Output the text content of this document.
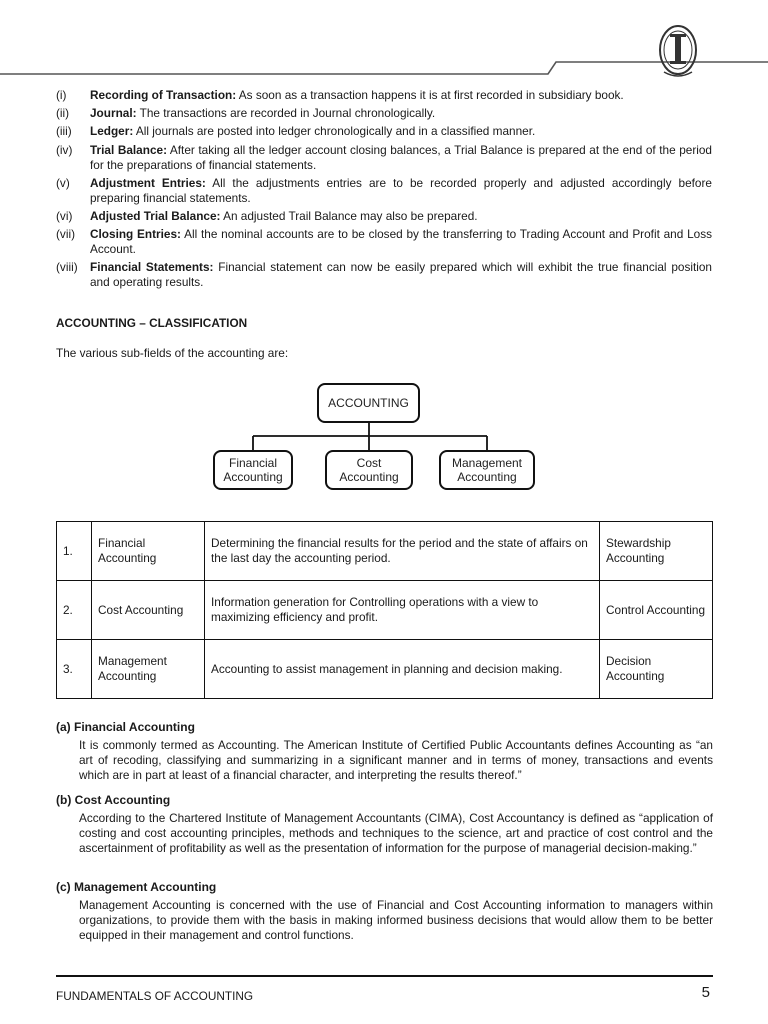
(i)	Recording of Transaction: As soon as a transaction happens it is at first recorded in subsidiary book.
(ii)	Journal: The transactions are recorded in Journal chronologically.
(iii)	Ledger: All journals are posted into ledger chronologically and in a classified manner.
(iv)	Trial Balance: After taking all the ledger account closing balances, a Trial Balance is prepared at the end of the period for the preparations of financial statements.
(v)	Adjustment Entries: All the adjustments entries are to be recorded properly and adjusted accordingly before preparing financial statements.
(vi)	Adjusted Trial Balance: An adjusted Trail Balance may also be prepared.
(vii)	Closing Entries: All the nominal accounts are to be closed by the transferring to Trading Account and Profit and Loss Account.
(viii)	Financial Statements: Financial statement can now be easily prepared which will exhibit the true financial position and operating results.
ACCOUNTING – CLASSIFICATION
The various sub-fields of the accounting are:
ACCOUNTING
Financial
Accounting
Cost
Accounting
Management
Accounting
1.	Financial Accounting	Determining the financial results for the period and the state of affairs on the last day the accounting period.	Stewardship Accounting
2.	Cost Accounting	Information generation for Controlling operations with a view to maximizing efficiency and profit.	Control Accounting
3.	Management Accounting	Accounting to assist management in planning and decision making.	Decision Accounting
(a) Financial Accounting
It is commonly termed as Accounting. The American Institute of Certified Public Accountants defines Accounting as “an art of recoding, classifying and summarizing in a significant manner and in terms of money, transactions and events which are in part at least of a financial character, and interpreting the results thereof.”
(b) Cost Accounting
According to the Chartered Institute of Management Accountants (CIMA), Cost Accountancy is defined as “application of costing and cost accounting principles, methods and techniques to the science, art and practice of cost control and the ascertainment of profitability as well as the presentation of information for the purpose of managerial decision-making.”
(c) Management Accounting
Management Accounting is concerned with the use of Financial and Cost Accounting information to managers within organizations, to provide them with the basis in making informed business decisions that would allow them to be better equipped in their management and control functions.
FUNDAMENTALS OF ACCOUNTING	5
